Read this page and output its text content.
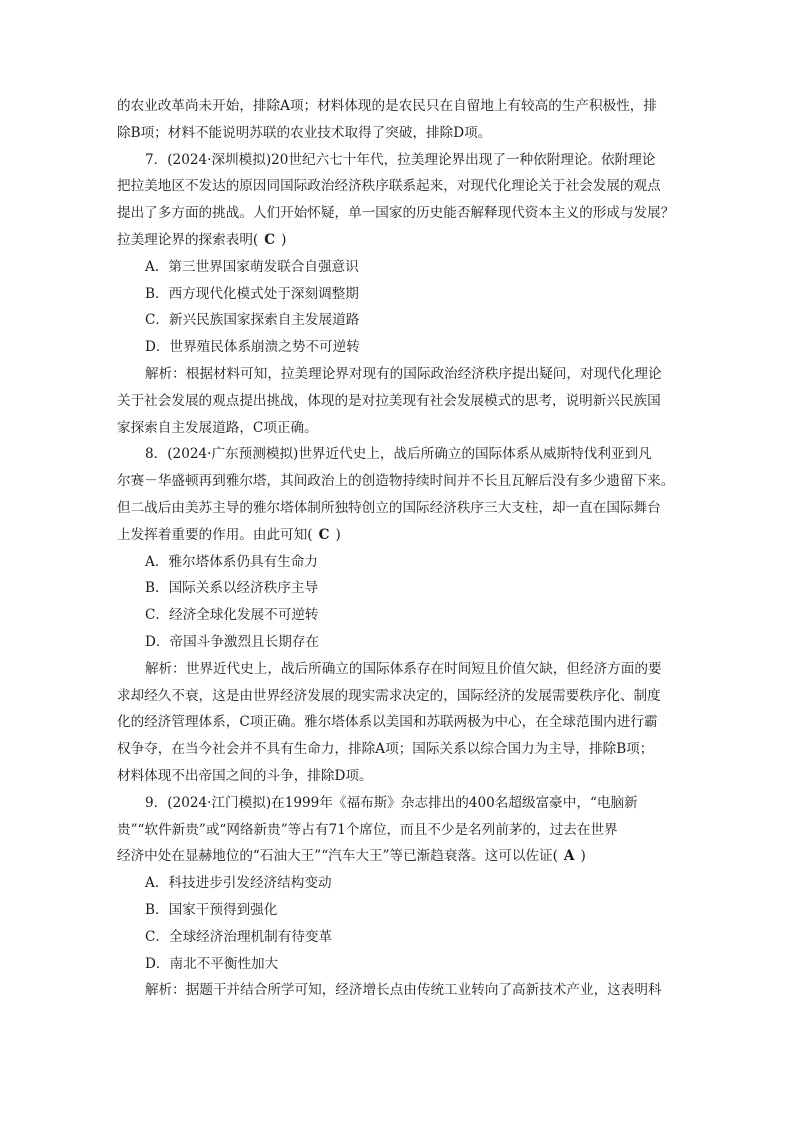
的农业改革尚未开始，排除A项；材料体现的是农民只在自留地上有较高的生产积极性，排
除B项；材料不能说明苏联的农业技术取得了突破，排除D项。
7．(2024·深圳模拟)20世纪六七十年代，拉美理论界出现了一种依附理论。依附理论
把拉美地区不发达的原因同国际政治经济秩序联系起来，对现代化理论关于社会发展的观点
提出了多方面的挑战。人们开始怀疑，单一国家的历史能否解释现代资本主义的形成与发展？
拉美理论界的探索表明( C )
A．第三世界国家萌发联合自强意识
B．西方现代化模式处于深刻调整期
C．新兴民族国家探索自主发展道路
D．世界殖民体系崩溃之势不可逆转
解析：根据材料可知，拉美理论界对现有的国际政治经济秩序提出疑问，对现代化理论
关于社会发展的观点提出挑战，体现的是对拉美现有社会发展模式的思考，说明新兴民族国
家探索自主发展道路，C项正确。
8．(2024·广东预测模拟)世界近代史上，战后所确立的国际体系从威斯特伐利亚到凡
尔赛－华盛顿再到雅尔塔，其间政治上的创造物持续时间并不长且瓦解后没有多少遗留下来。
但二战后由美苏主导的雅尔塔体制所独特创立的国际经济秩序三大支柱，却一直在国际舞台
上发挥着重要的作用。由此可知( C )
A．雅尔塔体系仍具有生命力
B．国际关系以经济秩序主导
C．经济全球化发展不可逆转
D．帝国斗争激烈且长期存在
解析：世界近代史上，战后所确立的国际体系存在时间短且价值欠缺，但经济方面的要
求却经久不衰，这是由世界经济发展的现实需求决定的，国际经济的发展需要秩序化、制度
化的经济管理体系，C项正确。雅尔塔体系以美国和苏联两极为中心，在全球范围内进行霸
权争夺，在当今社会并不具有生命力，排除A项；国际关系以综合国力为主导，排除B项；
材料体现不出帝国之间的斗争，排除D项。
9．(2024·江门模拟)在1999年《福布斯》杂志排出的400名超级富豪中，“电脑新
贵”“软件新贵”或“网络新贵”等占有71个席位，而且不少是名列前茅的，过去在世界
经济中处在显赫地位的“石油大王”“汽车大王”等已渐趋衰落。这可以佐证( A )
A．科技进步引发经济结构变动
B．国家干预得到强化
C．全球经济治理机制有待变革
D．南北不平衡性加大
解析：据题干并结合所学可知，经济增长点由传统工业转向了高新技术产业，这表明科
